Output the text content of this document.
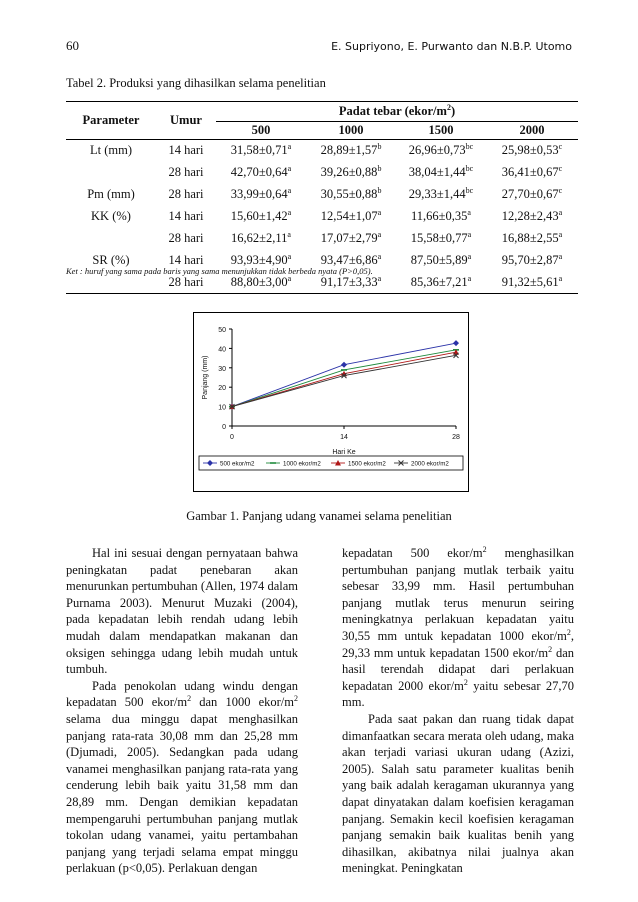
60	E. Supriyono, E. Purwanto dan N.B.P. Utomo
Tabel 2. Produksi yang dihasilkan selama penelitian
Parameter	Umur	Padat tebar $(ekor/m^2)$			
		500	1000	1500	2000
Lt (mm)	14 hari	31,58±0,71$^a$	28,89±1,57$^b$	26,96±0,73$^{bc}$	25,98±0,53$^c$
	28 hari	42,70±0,64$^a$	39,26±0,88$^b$	38,04±1,44$^{bc}$	36,41±0,67$^c$
Pm (mm)	28 hari	33,99±0,64$^a$	30,55±0,88$^b$	29,33±1,44$^{bc}$	27,70±0,67$^c$
KK (%)	14 hari	15,60±1,42$^a$	12,54±1,07$^a$	11,66±0,35$^a$	12,28±2,43$^a$
	28 hari	16,62±2,11$^a$	17,07±2,79$^a$	15,58±0,77$^a$	16,88±2,55$^a$
SR (%)	14 hari	93,93±4,90$^a$	93,47±6,86$^a$	87,50±5,89$^a$	95,70±2,87$^a$
	28 hari	88,80±3,00$^a$	91,17±3,33$^a$	85,36±7,21$^a$	91,32±5,61$^a$
Ket : huruf yang sama pada baris yang sama menunjukkan tidak berbeda nyata (P>0,05).
0
10
20
30
40
50
0	14	28
Hari Ke
Panjang (mm)
500 ekor/m2	1000 ekor/m2	1500 ekor/m2	2000 ekor/m2
Gambar 1. Panjang udang vanamei selama penelitian

Hal ini sesuai dengan pernyataan bahwa peningkatan padat penebaran akan menurunkan pertumbuhan (Allen, 1974 dalam Purnama 2003). Menurut Muzaki (2004), pada kepadatan lebih rendah udang lebih mudah dalam mendapatkan makanan dan oksigen sehingga udang lebih mudah untuk tumbuh.

Pada penokolan udang windu dengan kepadatan 500 ekor/$m^2$ dan 1000 ekor/$m^2$ selama dua minggu dapat menghasilkan panjang rata-rata 30,08 mm dan 25,28 mm (Djumadi, 2005). Sedangkan pada udang vanamei menghasilkan panjang rata-rata yang cenderung lebih baik yaitu 31,58 mm dan 28,89 mm. Dengan demikian kepadatan mempengaruhi pertumbuhan panjang mutlak tokolan udang vanamei, yaitu pertambahan panjang yang terjadi selama empat minggu perlakuan (p<0,05). Perlakuan dengan

kepadatan 500 ekor/$m^2$ menghasilkan pertumbuhan panjang mutlak terbaik yaitu sebesar 33,99 mm. Hasil pertumbuhan panjang mutlak terus menurun seiring meningkatnya perlakuan kepadatan yaitu 30,55 mm untuk kepadatan 1000 ekor/$m^2$, 29,33 mm untuk kepadatan 1500 ekor/$m^2$ dan hasil terendah didapat dari perlakuan kepadatan 2000 ekor/$m^2$ yaitu sebesar 27,70 mm.

Pada saat pakan dan ruang tidak dapat dimanfaatkan secara merata oleh udang, maka akan terjadi variasi ukuran udang (Azizi, 2005). Salah satu parameter kualitas benih yang baik adalah keragaman ukurannya yang dapat dinyatakan dalam koefisien keragaman panjang. Semakin kecil koefisien keragaman panjang semakin baik kualitas benih yang dihasilkan, akibatnya nilai jualnya akan meningkat. Peningkatan
